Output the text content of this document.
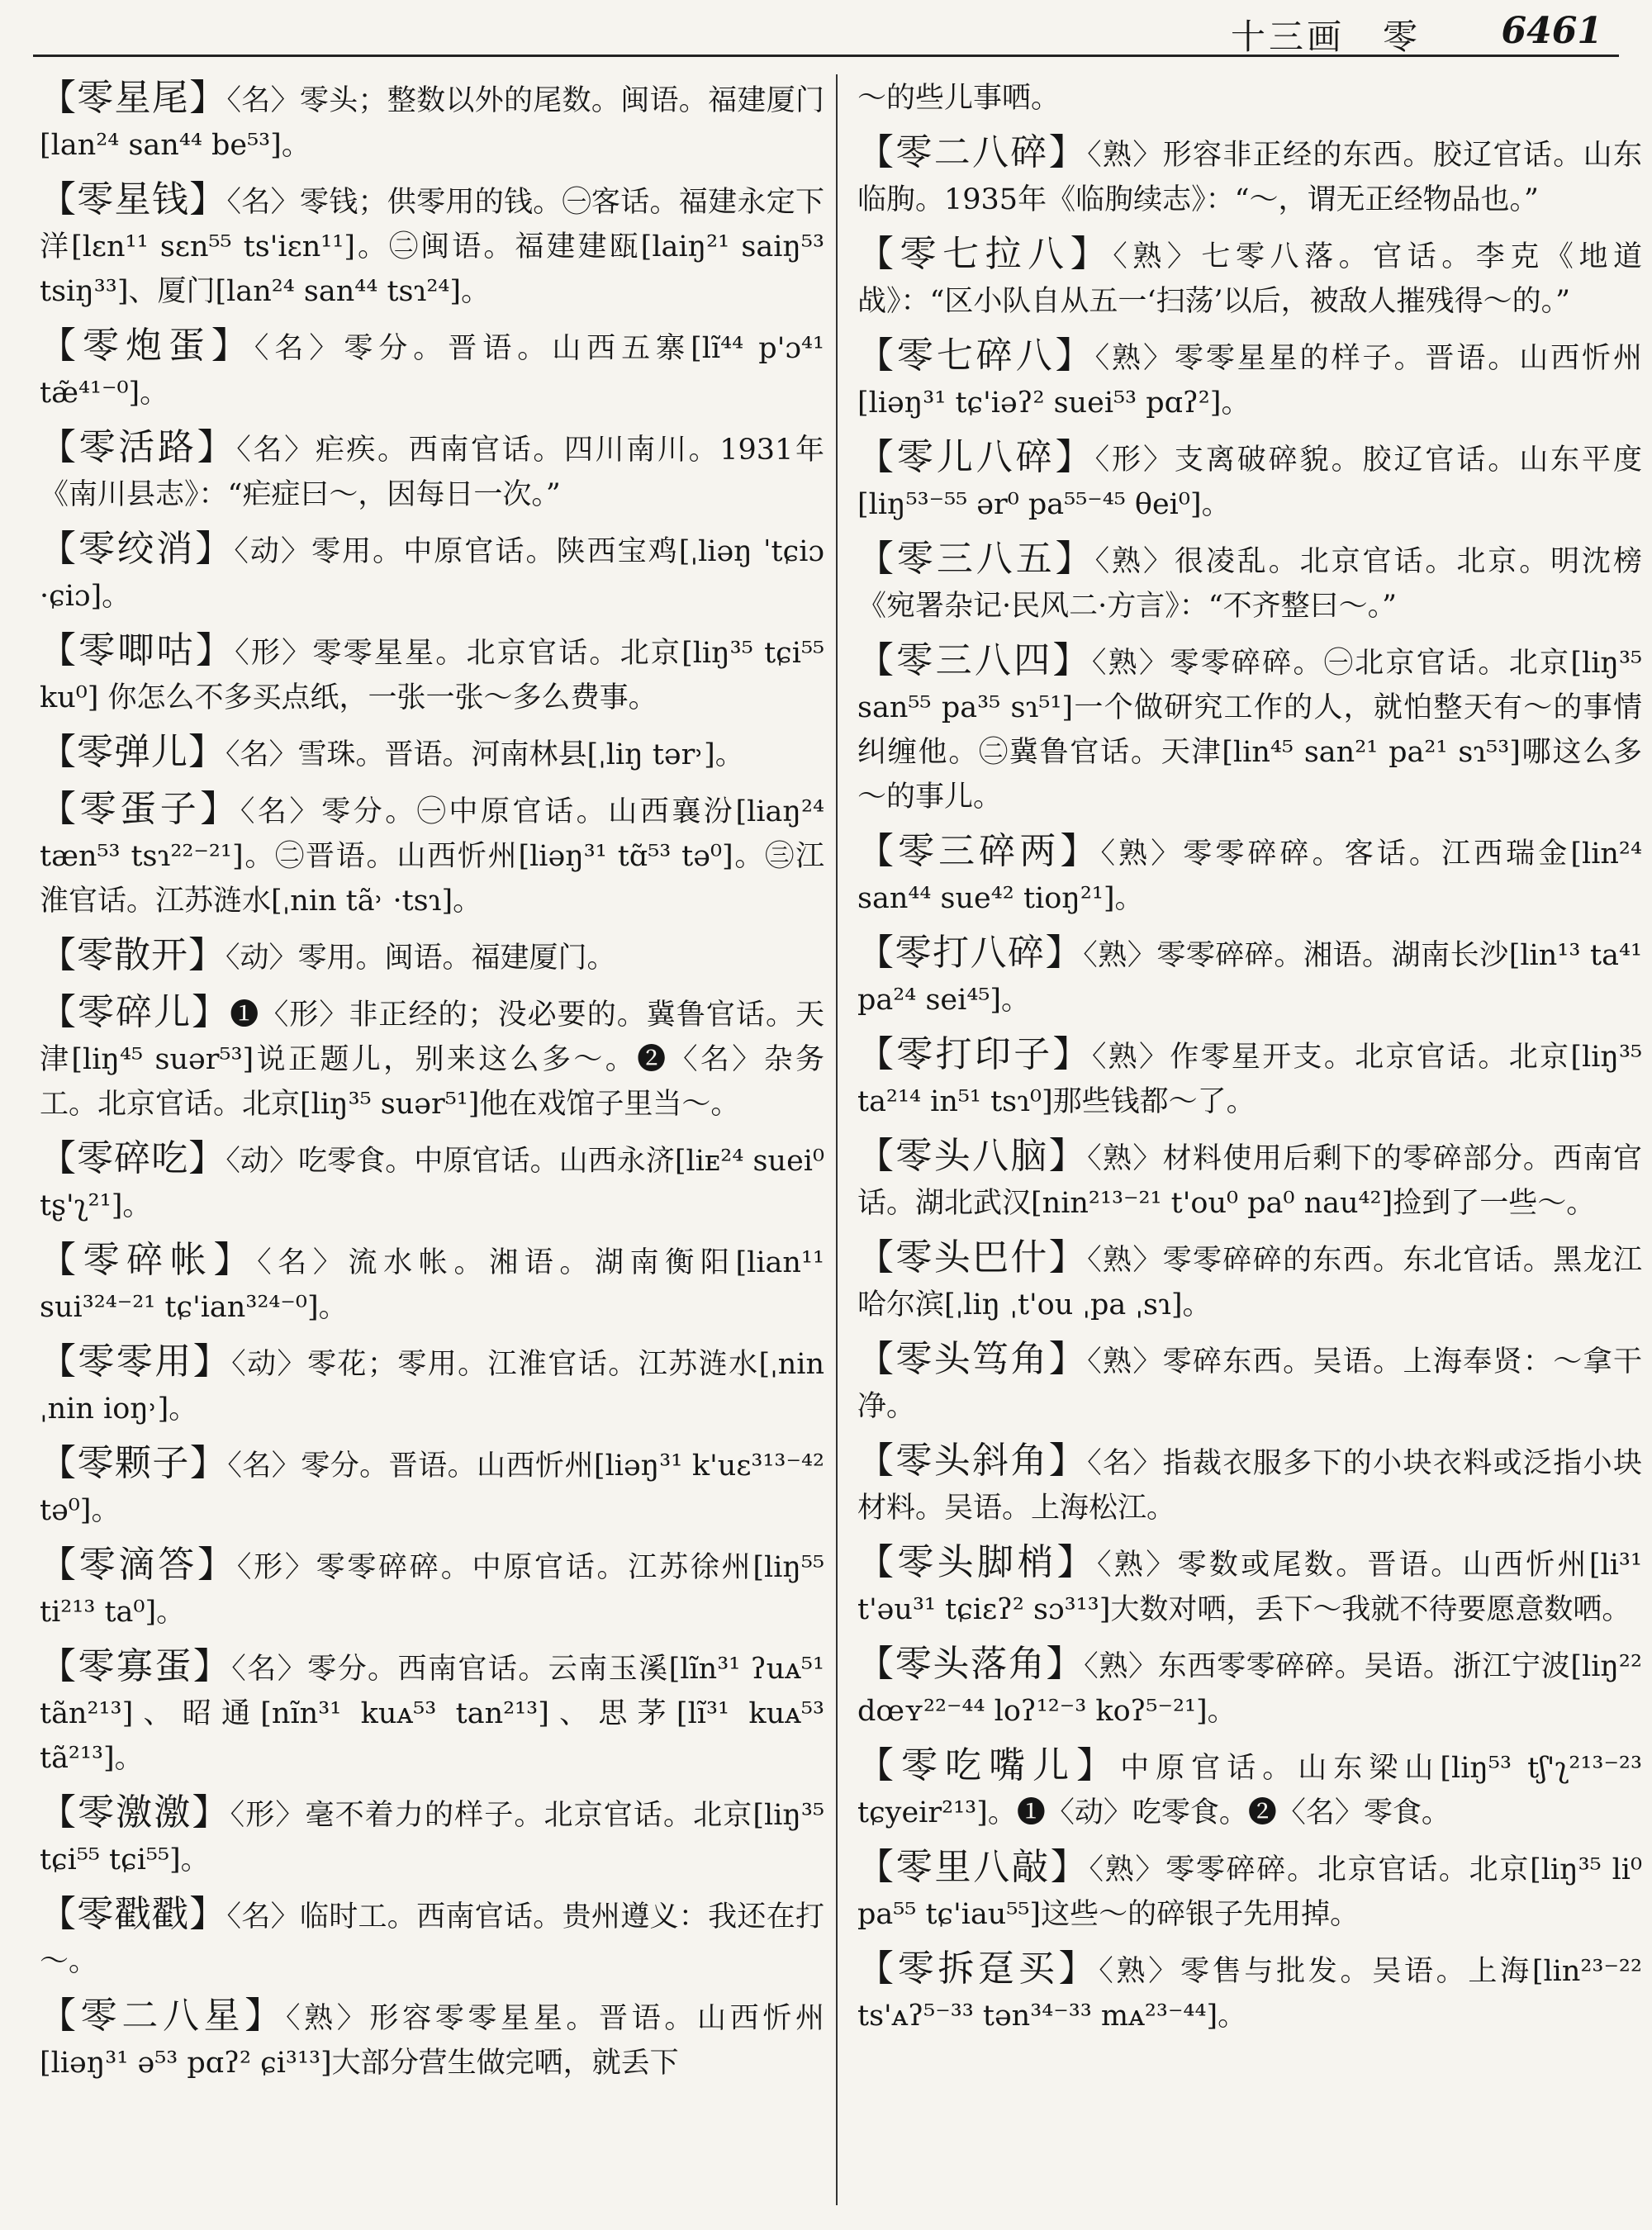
十三画　零 6461
【零星尾】〈名〉零头；整数以外的尾数。闽语。福建厦门[lan²⁴ san⁴⁴ be⁵³]。
【零星钱】〈名〉零钱；供零用的钱。㊀客话。福建永定下洋[lɛn¹¹ sɛn⁵⁵ ts'iɛn¹¹]。㊁闽语。福建建瓯[laiŋ²¹ saiŋ⁵³ tsiŋ³³]、厦门[lan²⁴ san⁴⁴ tsɿ²⁴]。
【零炮蛋】〈名〉零分。晋语。山西五寨[lĩ⁴⁴ p'ɔ⁴¹ tæ̃⁴¹⁻⁰]。
【零活路】〈名〉疟疾。西南官话。四川南川。1931年《南川县志》：“疟症曰～，因每日一次。”
【零绞消】〈动〉零用。中原官话。陕西宝鸡[ˌliəŋ ˈtɕiɔ ·ɕiɔ]。
【零唧咕】〈形〉零零星星。北京官话。北京[liŋ³⁵ tɕi⁵⁵ ku⁰] 你怎么不多买点纸，一张一张～多么费事。
【零弹儿】〈名〉雪珠。晋语。河南林县[ˌliŋ tər˒]。
【零蛋子】〈名〉零分。㊀中原官话。山西襄汾[liaŋ²⁴ tæn⁵³ tsɿ²²⁻²¹]。㊁晋语。山西忻州[liəŋ³¹ tɑ̃⁵³ tə⁰]。㊂江淮官话。江苏涟水[ˌnin tã˒ ·tsɿ]。
【零散开】〈动〉零用。闽语。福建厦门。
【零碎儿】❶〈形〉非正经的；没必要的。冀鲁官话。天津[liŋ⁴⁵ suər⁵³]说正题儿，别来这么多～。❷〈名〉杂务工。北京官话。北京[liŋ³⁵ suər⁵¹]他在戏馆子里当～。
【零碎吃】〈动〉吃零食。中原官话。山西永济[liᴇ²⁴ suei⁰ tʂ'ʅ²¹]。
【零碎帐】〈名〉流水帐。湘语。湖南衡阳[lian¹¹ sui³²⁴⁻²¹ tɕ'ian³²⁴⁻⁰]。
【零零用】〈动〉零花；零用。江淮官话。江苏涟水[ˌnin ˌnin ioŋ˒]。
【零颗子】〈名〉零分。晋语。山西忻州[liəŋ³¹ k'uɛ³¹³⁻⁴² tə⁰]。
【零滴答】〈形〉零零碎碎。中原官话。江苏徐州[liŋ⁵⁵ ti²¹³ ta⁰]。
【零寡蛋】〈名〉零分。西南官话。云南玉溪[lĩn³¹ ʔuᴀ⁵¹ tãn²¹³]、昭通[nĩn³¹ kuᴀ⁵³ tan²¹³]、思茅[lĩ³¹ kuᴀ⁵³ tã²¹³]。
【零激激】〈形〉毫不着力的样子。北京官话。北京[liŋ³⁵ tɕi⁵⁵ tɕi⁵⁵]。
【零戳戳】〈名〉临时工。西南官话。贵州遵义：我还在打～。
【零二八星】〈熟〉形容零零星星。晋语。山西忻州[liəŋ³¹ ə⁵³ pɑʔ² ɕi³¹³]大部分营生做完哂，就丢下
～的些儿事哂。
【零二八碎】〈熟〉形容非正经的东西。胶辽官话。山东临朐。1935年《临朐续志》：“～，谓无正经物品也。”
【零七拉八】〈熟〉七零八落。官话。李克《地道战》：“区小队自从五一‘扫荡’以后，被敌人摧残得～的。”
【零七碎八】〈熟〉零零星星的样子。晋语。山西忻州[liəŋ³¹ tɕ'iəʔ² suei⁵³ pɑʔ²]。
【零儿八碎】〈形〉支离破碎貌。胶辽官话。山东平度[liŋ⁵³⁻⁵⁵ ər⁰ pa⁵⁵⁻⁴⁵ θei⁰]。
【零三八五】〈熟〉很凌乱。北京官话。北京。明沈榜《宛署杂记·民风二·方言》：“不齐整曰～。”
【零三八四】〈熟〉零零碎碎。㊀北京官话。北京[liŋ³⁵ san⁵⁵ pa³⁵ sɿ⁵¹]一个做研究工作的人，就怕整天有～的事情纠缠他。㊁冀鲁官话。天津[lin⁴⁵ san²¹ pa²¹ sɿ⁵³]哪这么多～的事儿。
【零三碎两】〈熟〉零零碎碎。客话。江西瑞金[lin²⁴ san⁴⁴ sue⁴² tioŋ²¹]。
【零打八碎】〈熟〉零零碎碎。湘语。湖南长沙[lin¹³ ta⁴¹ pa²⁴ sei⁴⁵]。
【零打印子】〈熟〉作零星开支。北京官话。北京[liŋ³⁵ ta²¹⁴ in⁵¹ tsɿ⁰]那些钱都～了。
【零头八脑】〈熟〉材料使用后剩下的零碎部分。西南官话。湖北武汉[nin²¹³⁻²¹ t'ou⁰ pa⁰ nau⁴²]捡到了一些～。
【零头巴什】〈熟〉零零碎碎的东西。东北官话。黑龙江哈尔滨[ˌliŋ ˌt'ou ˌpa ˌsɿ]。
【零头笃角】〈熟〉零碎东西。吴语。上海奉贤：～拿干净。
【零头斜角】〈名〉指裁衣服多下的小块衣料或泛指小块材料。吴语。上海松江。
【零头脚梢】〈熟〉零数或尾数。晋语。山西忻州[li³¹ t'əu³¹ tɕiɛʔ² sɔ³¹³]大数对哂，丢下～我就不待要愿意数哂。
【零头落角】〈熟〉东西零零碎碎。吴语。浙江宁波[liŋ²² dœʏ²²⁻⁴⁴ loʔ¹²⁻³ koʔ⁵⁻²¹]。
【零吃嘴儿】中原官话。山东梁山[liŋ⁵³ tʃ'ʅ²¹³⁻²³ tɕyeir²¹³]。❶〈动〉吃零食。❷〈名〉零食。
【零里八敲】〈熟〉零零碎碎。北京官话。北京[liŋ³⁵ li⁰ pa⁵⁵ tɕ'iau⁵⁵]这些～的碎银子先用掉。
【零拆趸买】〈熟〉零售与批发。吴语。上海[lin²³⁻²² ts'ᴀʔ⁵⁻³³ tən³⁴⁻³³ mᴀ²³⁻⁴⁴]。
